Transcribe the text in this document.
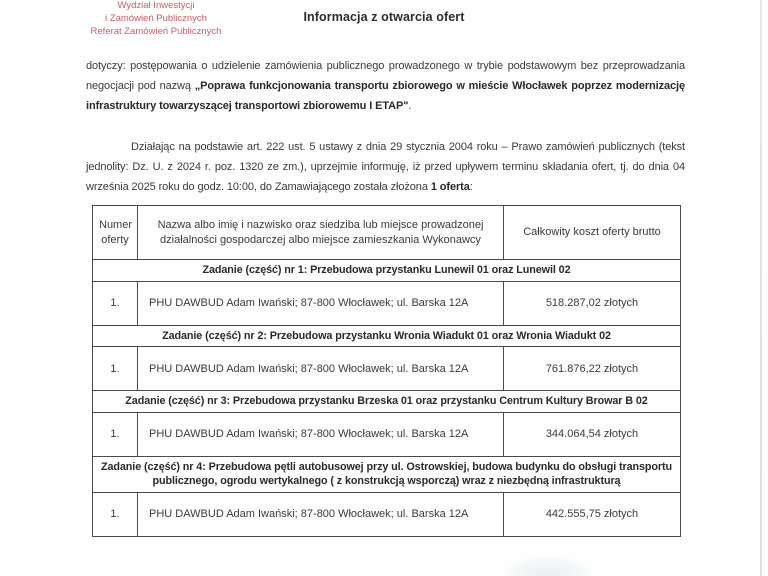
Wydział Inwestycji
i Zamówień Publicznych
Referat Zamówień Publicznych
Informacja z otwarcia ofert

dotyczy: postępowania o udzielenie zamówienia publicznego prowadzonego w trybie podstawowym bez przeprowadzania negocjacji pod nazwą „Poprawa funkcjonowania transportu zbiorowego w mieście Włocławek poprzez modernizację infrastruktury towarzyszącej transportowi zbiorowemu I ETAP".

Działając na podstawie art. 222 ust. 5 ustawy z dnia 29 stycznia 2004 roku – Prawo zamówień publicznych (tekst jednolity: Dz. U. z 2024 r. poz. 1320 ze zm.), uprzejmie informuję, iż przed upływem terminu składania ofert, tj. do dnia 04 września 2025 roku do godz. 10:00, do Zamawiającego została złożona 1 oferta:

Numer oferty	Nazwa albo imię i nazwisko oraz siedziba lub miejsce prowadzonej działalności gospodarczej albo miejsce zamieszkania Wykonawcy	Całkowity koszt oferty brutto
Zadanie (część) nr 1: Przebudowa przystanku Lunewil 01 oraz Lunewil 02		
1.	PHU DAWBUD Adam Iwański; 87-800 Włocławek; ul. Barska 12A	518.287,02 złotych
Zadanie (część) nr 2: Przebudowa przystanku Wronia Wiadukt 01 oraz Wronia Wiadukt 02		
1.	PHU DAWBUD Adam Iwański; 87-800 Włocławek; ul. Barska 12A	761.876,22 złotych
Zadanie (część) nr 3: Przebudowa przystanku Brzeska 01 oraz przystanku Centrum Kultury Browar B 02		
1.	PHU DAWBUD Adam Iwański; 87-800 Włocławek; ul. Barska 12A	344.064,54 złotych
Zadanie (część) nr 4: Przebudowa pętli autobusowej przy ul. Ostrowskiej, budowa budynku do obsługi transportu publicznego, ogrodu wertykalnego ( z konstrukcją wsporczą) wraz z niezbędną infrastrukturą		
1.	PHU DAWBUD Adam Iwański; 87-800 Włocławek; ul. Barska 12A	442.555,75 złotych
